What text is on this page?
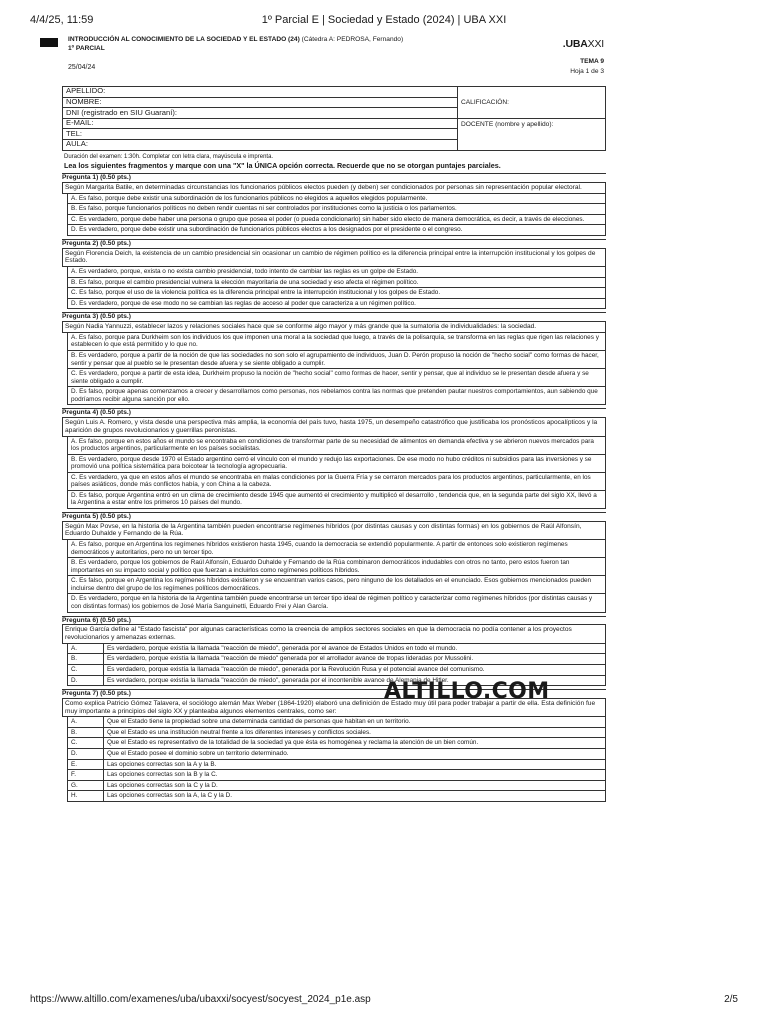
4/4/25, 11:59	1º Parcial E | Sociedad y Estado (2024) | UBA XXI
INTRODUCCIÓN AL CONOCIMIENTO DE LA SOCIEDAD Y EL ESTADO (24) (Cátedra A: PEDROSA, Fernando)
1º PARCIAL	.UBAXXI
25/04/24
TEMA 9
Hoja 1 de 3
APELLIDO:	CALIFICACIÓN:
NOMBRE:	
DNI (registrado en SIU Guaraní):	
E-MAIL:	DOCENTE (nombre y apellido):
TEL:	
AULA:	
Duración del examen: 1:30h. Completar con letra clara, mayúscula e imprenta.
Lea los siguientes fragmentos y marque con una "X" la ÚNICA opción correcta. Recuerde que no se otorgan puntajes parciales.
Pregunta 1) (0.50 pts.)
Según Margarita Batile, en determinadas circunstancias los funcionarios públicos electos pueden (y deben) ser condicionados por personas sin representación popular electoral.
A. Es falso, porque debe existir una subordinación de los funcionarios públicos no elegidos a aquellos elegidos popularmente.
B. Es falso, porque funcionarios políticos no deben rendir cuentas ni ser controlados por instituciones como la justicia o los parlamentos.
C. Es verdadero, porque debe haber una persona o grupo que posea el poder (o pueda condicionarlo) sin haber sido electo de manera democrática, es decir, a través de elecciones.
D. Es verdadero, porque debe existir una subordinación de funcionarios públicos electos a los designados por el presidente o el congreso.
Pregunta 2) (0.50 pts.)
Según Florencia Deich, la existencia de un cambio presidencial sin ocasionar un cambio de régimen político es la diferencia principal entre la interrupción institucional y los golpes de Estado.
A. Es verdadero, porque, exista o no exista cambio presidencial, todo intento de cambiar las reglas es un golpe de Estado.
B. Es falso, porque el cambio presidencial vulnera la elección mayoritaria de una sociedad y eso afecta el régimen político.
C. Es falso, porque el uso de la violencia política es la diferencia principal entre la interrupción institucional y los golpes de Estado.
D. Es verdadero, porque de ese modo no se cambian las reglas de acceso al poder que caracteriza a un régimen político.
Pregunta 3) (0.50 pts.)
Según Nadia Yannuzzi, establecer lazos y relaciones sociales hace que se conforme algo mayor y más grande que la sumatoria de individualidades: la sociedad.
A. Es falso, porque para Durkheim son los individuos los que imponen una moral a la sociedad que luego, a través de la polisarquía, se transforma en las reglas que rigen las relaciones y establecen lo que está permitido y lo que no.
B. Es verdadero, porque a partir de la noción de que las sociedades no son solo el agrupamiento de individuos, Juan D. Perón propuso la noción de "hecho social" como formas de hacer, sentir y pensar que al pueblo se le presentan desde afuera y se siente obligado a cumplir.
C. Es verdadero, porque a partir de esta idea, Durkheim propuso la noción de "hecho social" como formas de hacer, sentir y pensar, que al individuo se le presentan desde afuera y se siente obligado a cumplir.
D. Es falso, porque apenas comenzamos a crecer y desarrollarnos como personas, nos rebelamos contra las normas que pretenden pautar nuestros comportamientos, aun sabiendo que podríamos recibir alguna sanción por ello.
Pregunta 4) (0.50 pts.)
Según Luis A. Romero, y vista desde una perspectiva más amplia, la economía del país tuvo, hasta 1975, un desempeño catastrófico que justificaba los pronósticos apocalípticos y la aparición de grupos revolucionarios y guerrillas peronistas.
A. Es falso, porque en estos años el mundo se encontraba en condiciones de transformar parte de su necesidad de alimentos en demanda efectiva y se abrieron nuevos mercados para los productos argentinos, particularmente en los países socialistas.
B. Es verdadero, porque desde 1970 el Estado argentino cerró el vínculo con el mundo y redujo las exportaciones. De ese modo no hubo créditos ni subsidios para las inversiones y se promovió una política sistemática para boicotear la tecnología agropecuaria.
C. Es verdadero, ya que en estos años el mundo se encontraba en malas condiciones por la Guerra Fría y se cerraron mercados para los productos argentinos, particularmente, en los países asiáticos, donde más conflictos había, y con China a la cabeza.
D. Es falso, porque Argentina entró en un clima de crecimiento desde 1945 que aumentó el crecimiento y multiplicó el desarrollo , tendencia que, en la segunda parte del siglo XX, llevó a la Argentina a estar entre los primeros 10 países del mundo.
Pregunta 5) (0.50 pts.)
Según Max Povse, en la historia de la Argentina también pueden encontrarse regímenes híbridos (por distintas causas y con distintas formas) en los gobiernos de Raúl Alfonsín, Eduardo Duhalde y Fernando de la Rúa.
A. Es falso, porque en Argentina los regímenes híbridos existieron hasta 1945, cuando la democracia se extendió popularmente. A partir de entonces solo existieron regímenes democráticos y autoritarios, pero no un tercer tipo.
B. Es verdadero, porque los gobiernos de Raúl Alfonsín, Eduardo Duhalde y Fernando de la Rúa combinaron democráticos indudables con otros no tanto, pero estos fueron tan importantes en su impacto social y político que fuerzan a incluirlos como regímenes políticos híbridos.
C. Es falso, porque en Argentina los regímenes híbridos existieron y se encuentran varios casos, pero ninguno de los detallados en el enunciado. Esos gobiernos mencionados pueden incluirse dentro del grupo de los regímenes políticos democráticos.
D. Es verdadero, porque en la historia de la Argentina también puede encontrarse un tercer tipo ideal de régimen político y caracterizar como regímenes híbridos (por distintas causas y con distintas formas) los gobiernos de José María Sanguinetti, Eduardo Frei y Alan García.
Pregunta 6) (0.50 pts.)
Enrique García define al "Estado fascista" por algunas características como la creencia de amplios sectores sociales en que la democracia no podía contener a los proyectos revolucionarios y amenazas externas.
A.	Es verdadero, porque existía la llamada "reacción de miedo", generada por el avance de Estados Unidos en todo el mundo.
B.	Es verdadero, porque existía la llamada "reacción de miedo" generada por el arrollador avance de tropas lideradas por Mussolini.
C.	Es verdadero, porque existía la llamada "reacción de miedo", generada por la Revolución Rusa y el potencial avance del comunismo.
D.	Es verdadero, porque existía la llamada "reacción de miedo", generada por el incontenible avance de Alemania de Hitler.
Pregunta 7) (0.50 pts.)
Como explica Patricio Gómez Talavera, el sociólogo alemán Max Weber (1864-1920) elaboró una definición de Estado muy útil para poder trabajar a partir de ella. Esta definición fue muy importante a principios del siglo XX y planteaba algunos elementos centrales, como ser:
A.	Que el Estado tiene la propiedad sobre una determinada cantidad de personas que habitan en un territorio.
B.	Que el Estado es una institución neutral frente a los diferentes intereses y conflictos sociales.
C.	Que el Estado es representativo de la totalidad de la sociedad ya que ésta es homogénea y reclama la atención de un bien común.
D.	Que el Estado posee el dominio sobre un territorio determinado.
E.	Las opciones correctas son la A y la B.
F.	Las opciones correctas son la B y la C.
G.	Las opciones correctas son la C y la D.
H.	Las opciones correctas son la A, la C y la D.
ALTILLO.COM
https://www.altillo.com/examenes/uba/ubaxxi/socyest/socyest_2024_p1e.asp	2/5
